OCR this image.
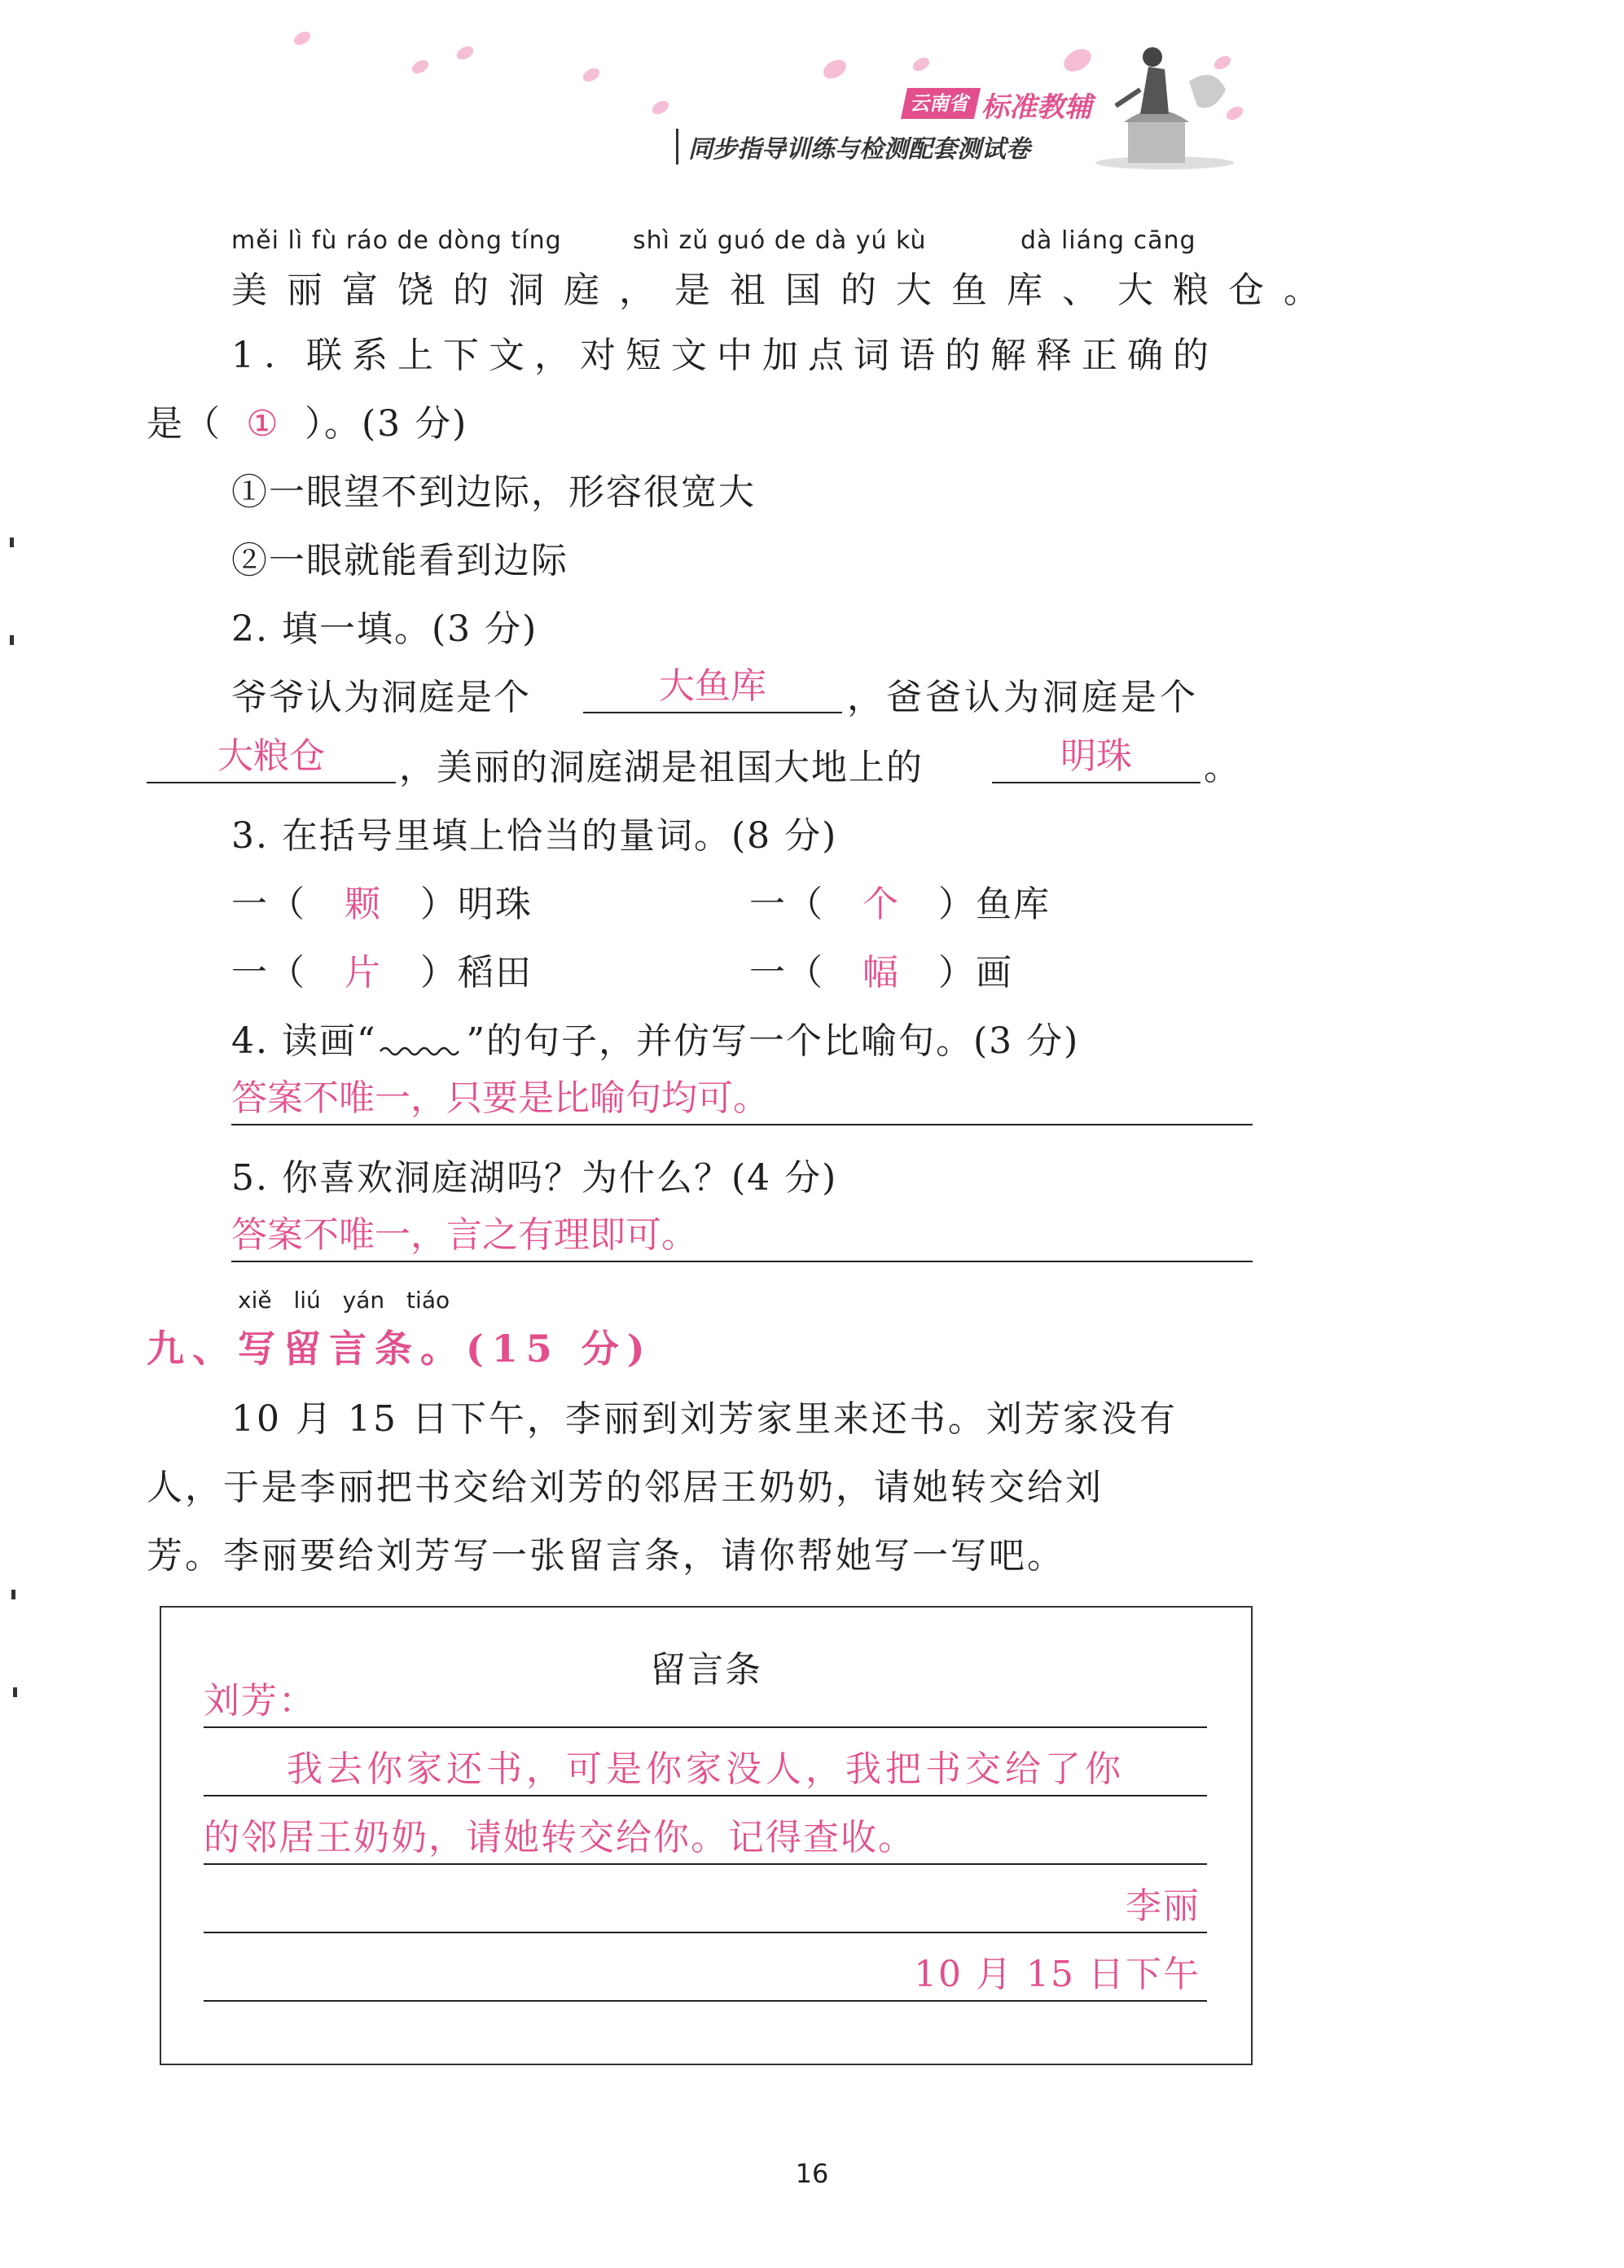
云南省 标准教辅
同步指导训练与检测配套测试卷
měi lì fù ráo de dòng tíng	shì zǔ guó de dà yú kù	dà liáng cāng
美丽富饶的洞庭，是祖国的大鱼库、大粮仓。
1. 联系上下文，对短文中加点词语的解释正确的
是（ ① ）。(3 分)
①一眼望不到边际，形容很宽大
②一眼就能看到边际
2. 填一填。(3 分)
爷爷认为洞庭是个	大鱼库	，爸爸认为洞庭是个
大粮仓	，美丽的洞庭湖是祖国大地上的	明珠	。
3. 在括号里填上恰当的量词。(8 分)
一（ 颗 ）明珠	一（ 个 ）鱼库
一（ 片 ）稻田	一（ 幅 ）画
4. 读画“	”的句子，并仿写一个比喻句。(3 分)
答案不唯一，只要是比喻句均可。
5. 你喜欢洞庭湖吗？为什么？(4 分)
答案不唯一，言之有理即可。
xiě liú yán tiáo
九、写留言条。(15 分)
10 月 15 日下午，李丽到刘芳家里来还书。刘芳家没有
人，于是李丽把书交给刘芳的邻居王奶奶，请她转交给刘
芳。李丽要给刘芳写一张留言条，请你帮她写一写吧。
留言条
刘芳：
我去你家还书，可是你家没人，我把书交给了你
的邻居王奶奶，请她转交给你。记得查收。
李丽
10 月 15 日下午
16
